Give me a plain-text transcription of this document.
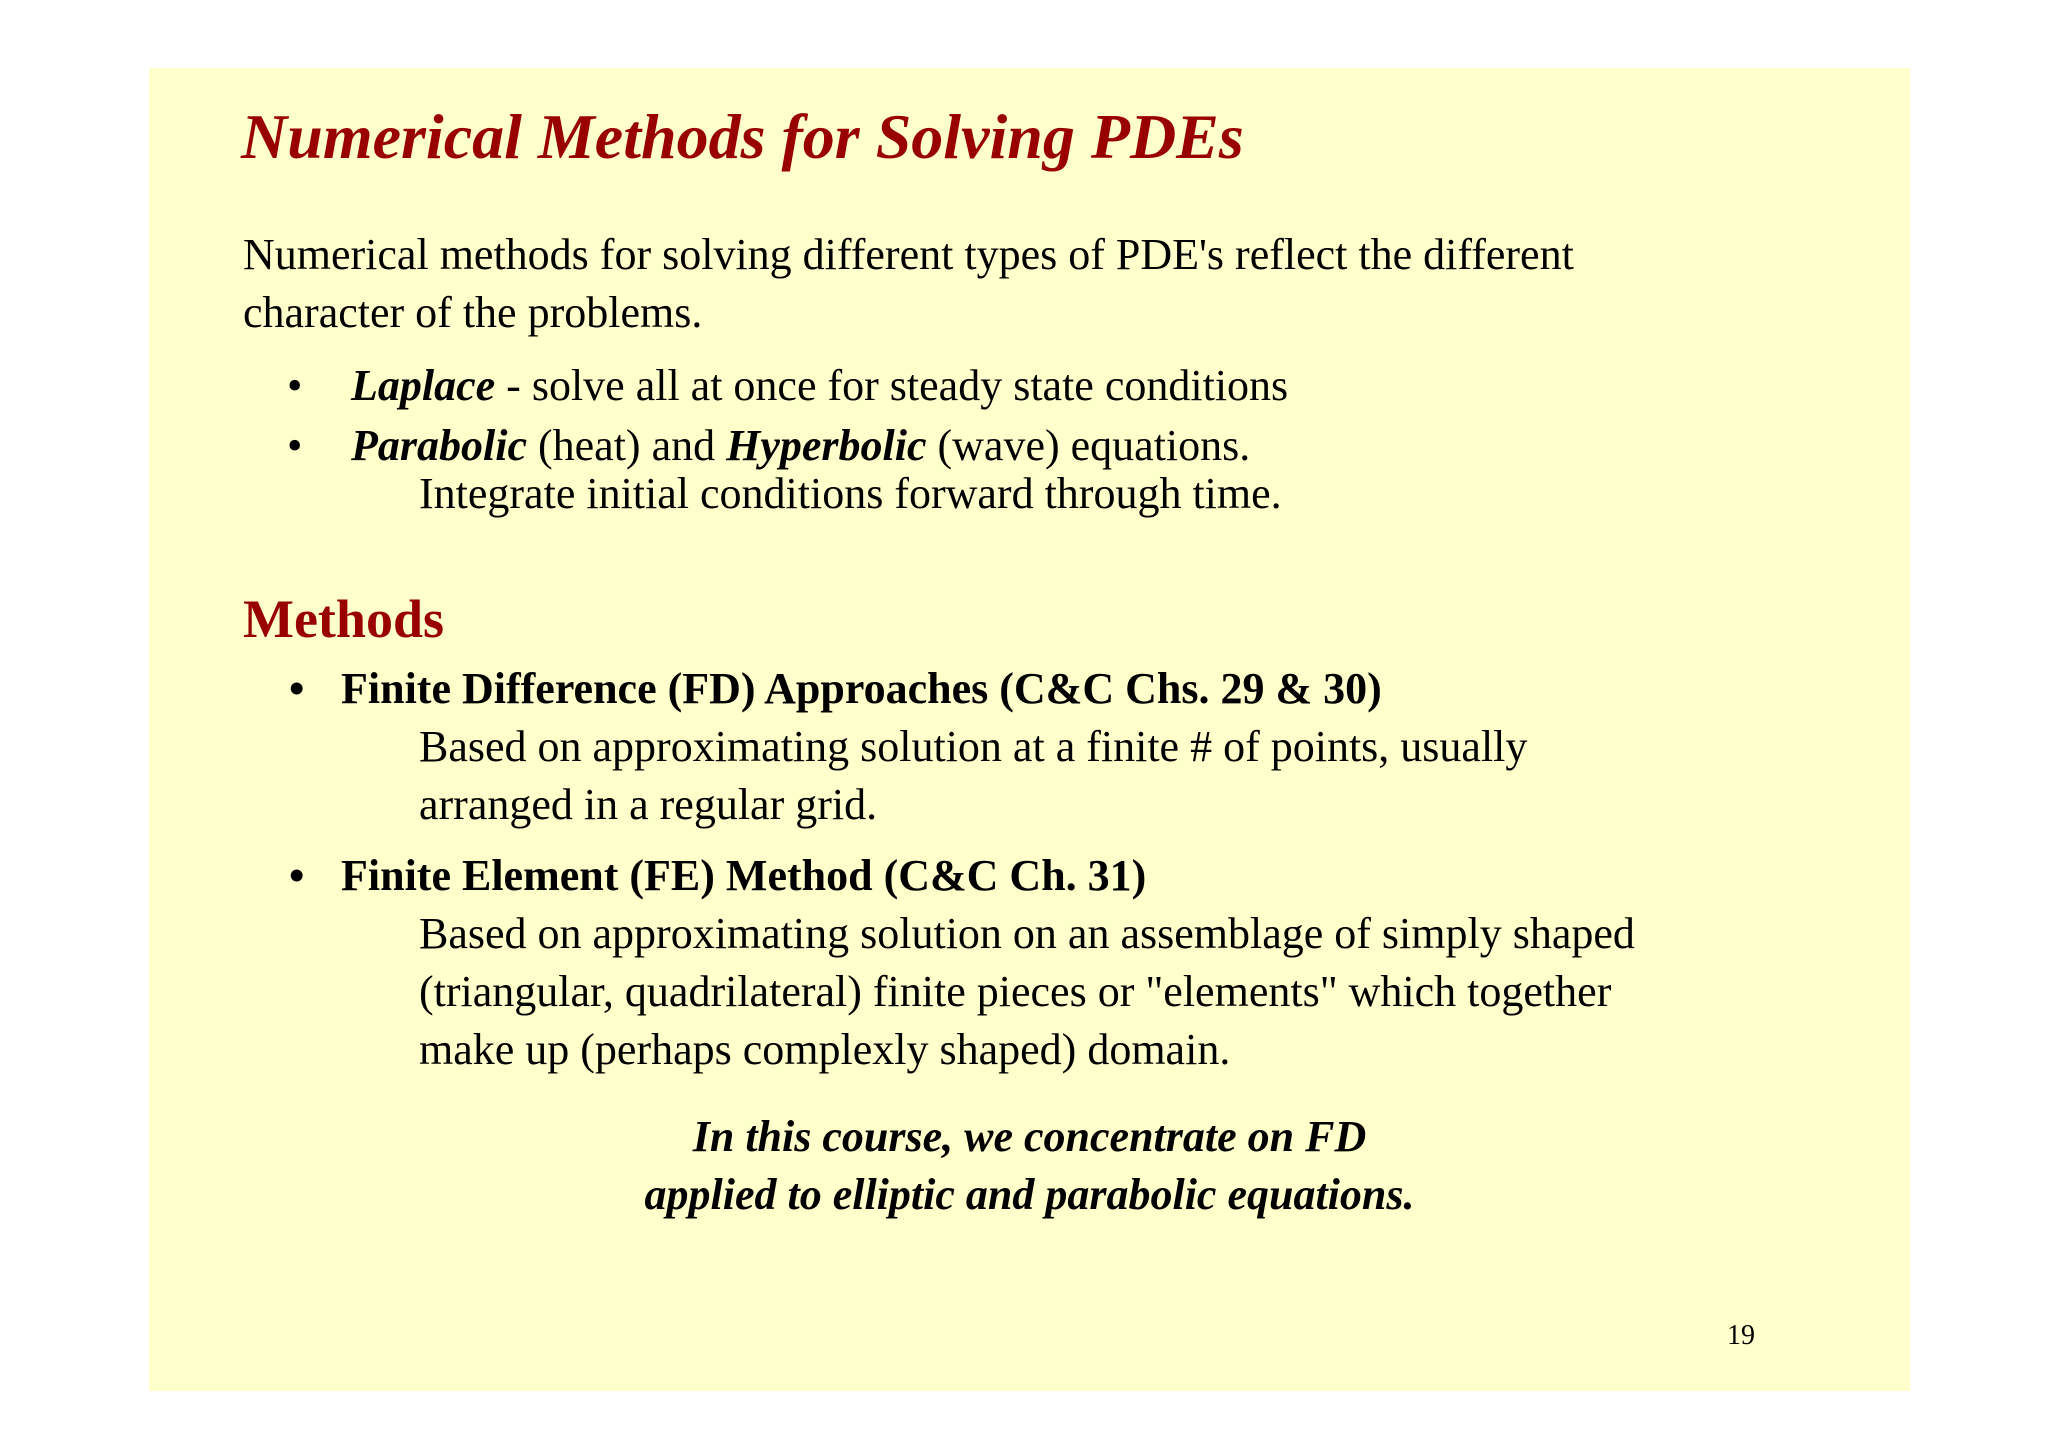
Numerical Methods for Solving PDEs
Numerical methods for solving different types of PDE's reflect the different
character of the problems.
• Laplace - solve all at once for steady state conditions
• Parabolic (heat) and Hyperbolic (wave) equations.
Integrate initial conditions forward through time.
Methods
• Finite Difference (FD) Approaches (C&C Chs. 29 & 30)
Based on approximating solution at a finite # of points, usually
arranged in a regular grid.
• Finite Element (FE) Method (C&C Ch. 31)
Based on approximating solution on an assemblage of simply shaped
(triangular, quadrilateral) finite pieces or "elements" which together
make up (perhaps complexly shaped) domain.
In this course, we concentrate on FD
applied to elliptic and parabolic equations.
19
